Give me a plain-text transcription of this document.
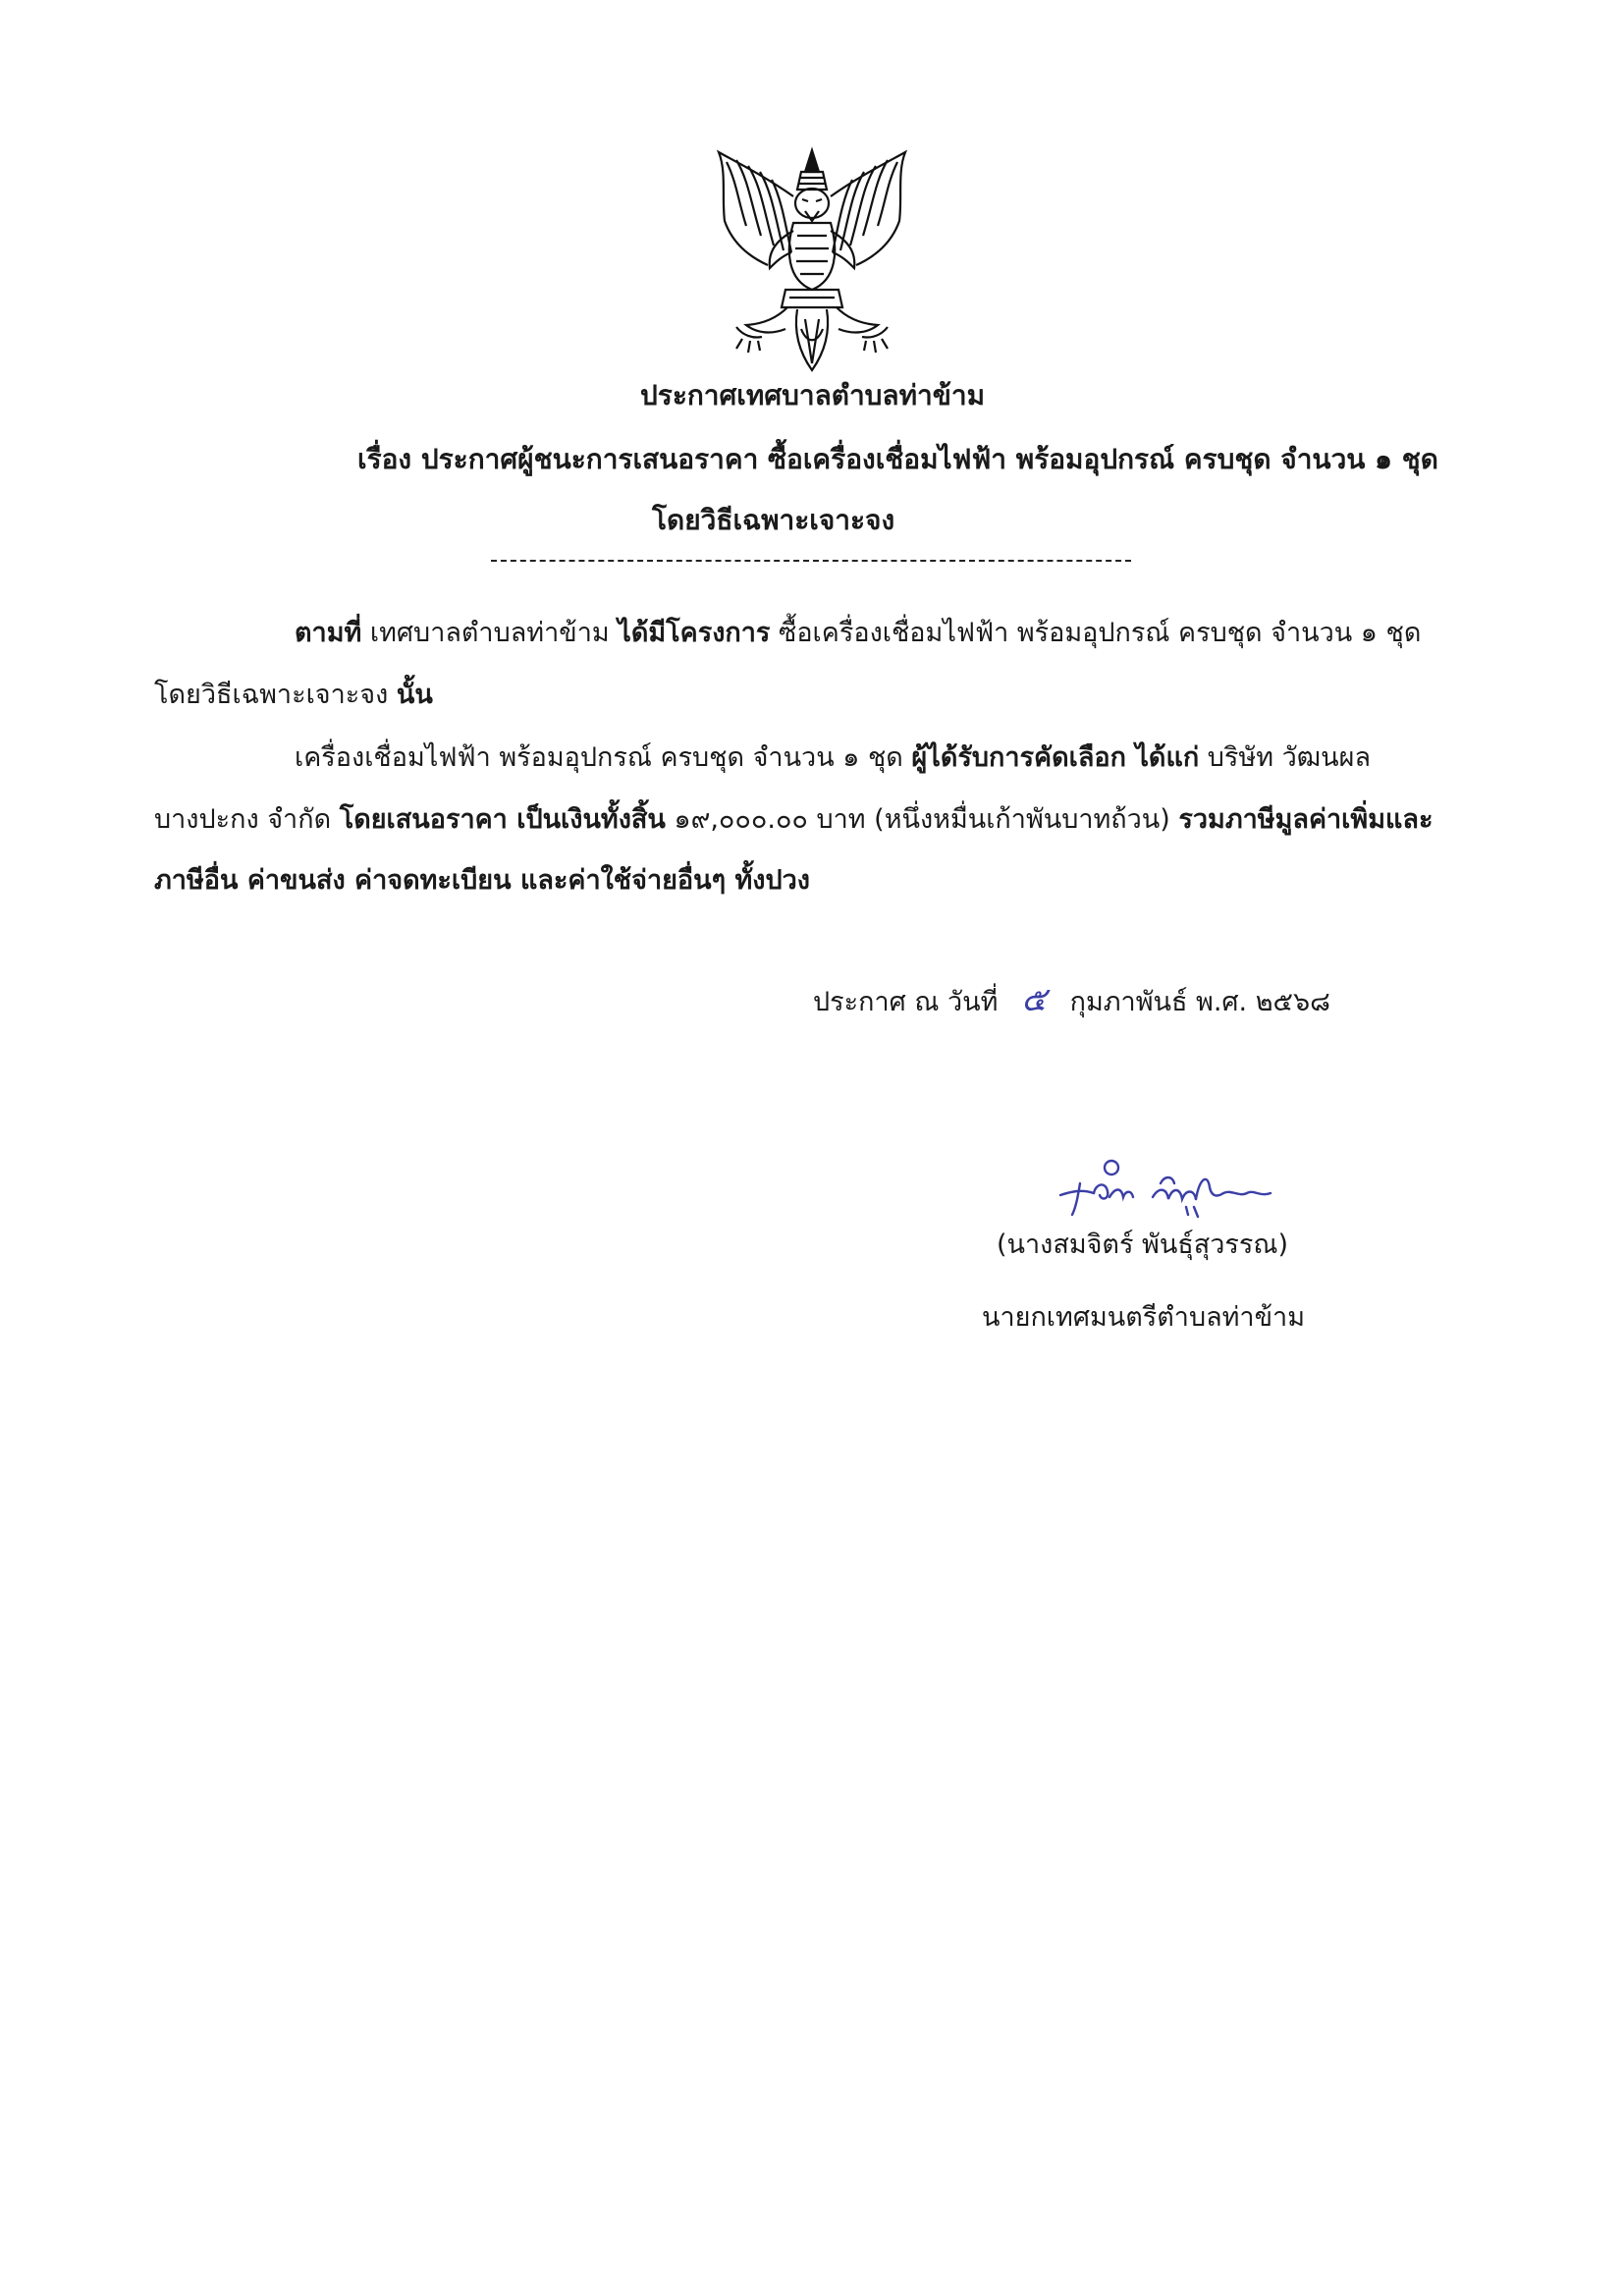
ประกาศเทศบาลตำบลท่าข้าม
เรื่อง ประกาศผู้ชนะการเสนอราคา ซื้อเครื่องเชื่อมไฟฟ้า พร้อมอุปกรณ์ ครบชุด จำนวน ๑ ชุด
โดยวิธีเฉพาะเจาะจง
ตามที่ เทศบาลตำบลท่าข้าม ได้มีโครงการ ซื้อเครื่องเชื่อมไฟฟ้า พร้อมอุปกรณ์ ครบชุด จำนวน ๑ ชุด
โดยวิธีเฉพาะเจาะจง นั้น
เครื่องเชื่อมไฟฟ้า พร้อมอุปกรณ์ ครบชุด จำนวน ๑ ชุด ผู้ได้รับการคัดเลือก ได้แก่ บริษัท วัฒนผล
บางปะกง จำกัด โดยเสนอราคา เป็นเงินทั้งสิ้น ๑๙,๐๐๐.๐๐ บาท (หนึ่งหมื่นเก้าพันบาทถ้วน) รวมภาษีมูลค่าเพิ่มและ
ภาษีอื่น ค่าขนส่ง ค่าจดทะเบียน และค่าใช้จ่ายอื่นๆ ทั้งปวง
ประกาศ ณ วันที่ ๕ กุมภาพันธ์ พ.ศ. ๒๕๖๘
(นางสมจิตร์ พันธุ์สุวรรณ)
นายกเทศมนตรีตำบลท่าข้าม
